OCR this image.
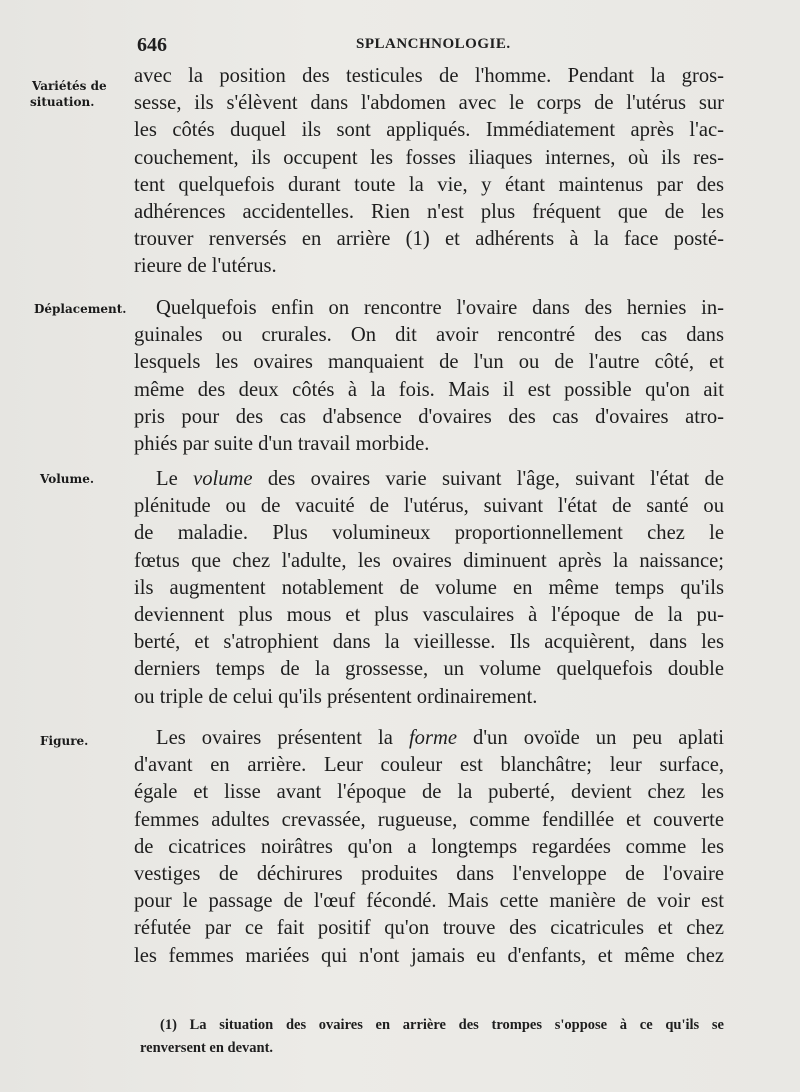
646	SPLANCHNOLOGIE.
Variétés de
situation.
Déplacement.
Volume.
Figure.
avec la position des testicules de l'homme. Pendant la gros-
sesse, ils s'élèvent dans l'abdomen avec le corps de l'utérus sur
les côtés duquel ils sont appliqués. Immédiatement après l'ac-
couchement, ils occupent les fosses iliaques internes, où ils res-
tent quelquefois durant toute la vie, y étant maintenus par des
adhérences accidentelles. Rien n'est plus fréquent que de les
trouver renversés en arrière (1) et adhérents à la face posté-
rieure de l'utérus.
Quelquefois enfin on rencontre l'ovaire dans des hernies in-
guinales ou crurales. On dit avoir rencontré des cas dans
lesquels les ovaires manquaient de l'un ou de l'autre côté, et
même des deux côtés à la fois. Mais il est possible qu'on ait
pris pour des cas d'absence d'ovaires des cas d'ovaires atro-
phiés par suite d'un travail morbide.
Le volume des ovaires varie suivant l'âge, suivant l'état de
plénitude ou de vacuité de l'utérus, suivant l'état de santé ou
de maladie. Plus volumineux proportionnellement chez le
fœtus que chez l'adulte, les ovaires diminuent après la naissance;
ils augmentent notablement de volume en même temps qu'ils
deviennent plus mous et plus vasculaires à l'époque de la pu-
berté, et s'atrophient dans la vieillesse. Ils acquièrent, dans les
derniers temps de la grossesse, un volume quelquefois double
ou triple de celui qu'ils présentent ordinairement.
Les ovaires présentent la forme d'un ovoïde un peu aplati
d'avant en arrière. Leur couleur est blanchâtre; leur surface,
égale et lisse avant l'époque de la puberté, devient chez les
femmes adultes crevassée, rugueuse, comme fendillée et couverte
de cicatrices noirâtres qu'on a longtemps regardées comme les
vestiges de déchirures produites dans l'enveloppe de l'ovaire
pour le passage de l'œuf fécondé. Mais cette manière de voir est
réfutée par ce fait positif qu'on trouve des cicatricules et chez
les femmes mariées qui n'ont jamais eu d'enfants, et même chez
(1) La situation des ovaires en arrière des trompes s'oppose à ce qu'ils se
renversent en devant.
